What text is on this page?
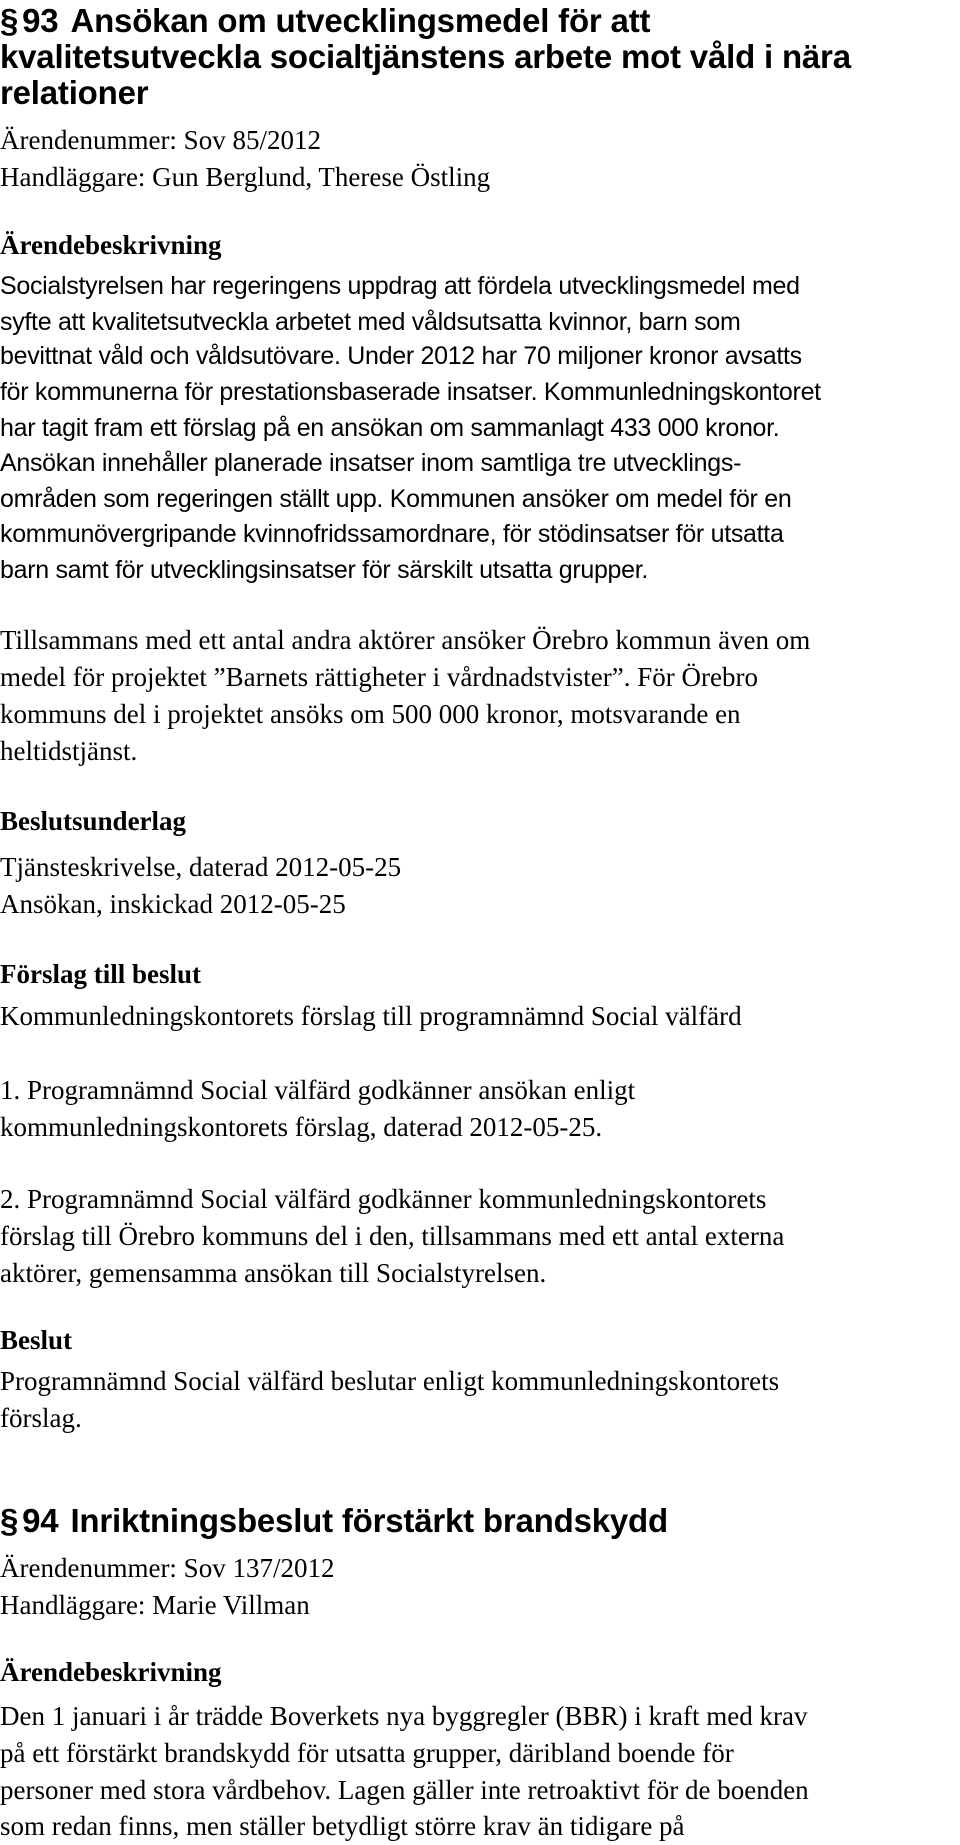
§ 93 Ansökan om utvecklingsmedel för att
kvalitetsutveckla socialtjänstens arbete mot våld i nära
relationer
Ärendenummer: Sov 85/2012
Handläggare: Gun Berglund, Therese Östling
Ärendebeskrivning
Socialstyrelsen har regeringens uppdrag att fördela utvecklingsmedel med
syfte att kvalitetsutveckla arbetet med våldsutsatta kvinnor, barn som
bevittnat våld och våldsutövare. Under 2012 har 70 miljoner kronor avsatts
för kommunerna för prestationsbaserade insatser. Kommunledningskontoret
har tagit fram ett förslag på en ansökan om sammanlagt 433 000 kronor.
Ansökan innehåller planerade insatser inom samtliga tre utvecklings-
områden som regeringen ställt upp. Kommunen ansöker om medel för en
kommunövergripande kvinnofridssamordnare, för stödinsatser för utsatta
barn samt för utvecklingsinsatser för särskilt utsatta grupper.
Tillsammans med ett antal andra aktörer ansöker Örebro kommun även om
medel för projektet ”Barnets rättigheter i vårdnadstvister”. För Örebro
kommuns del i projektet ansöks om 500 000 kronor, motsvarande en
heltidstjänst.
Beslutsunderlag
Tjänsteskrivelse, daterad 2012-05-25
Ansökan, inskickad 2012-05-25
Förslag till beslut
Kommunledningskontorets förslag till programnämnd Social välfärd
1. Programnämnd Social välfärd godkänner ansökan enligt
kommunledningskontorets förslag, daterad 2012-05-25.
2. Programnämnd Social välfärd godkänner kommunledningskontorets
förslag till Örebro kommuns del i den, tillsammans med ett antal externa
aktörer, gemensamma ansökan till Socialstyrelsen.
Beslut
Programnämnd Social välfärd beslutar enligt kommunledningskontorets
förslag.
§ 94 Inriktningsbeslut förstärkt brandskydd
Ärendenummer: Sov 137/2012
Handläggare: Marie Villman
Ärendebeskrivning
Den 1 januari i år trädde Boverkets nya byggregler (BBR) i kraft med krav
på ett förstärkt brandskydd för utsatta grupper, däribland boende för
personer med stora vårdbehov. Lagen gäller inte retroaktivt för de boenden
som redan finns, men ställer betydligt större krav än tidigare på
